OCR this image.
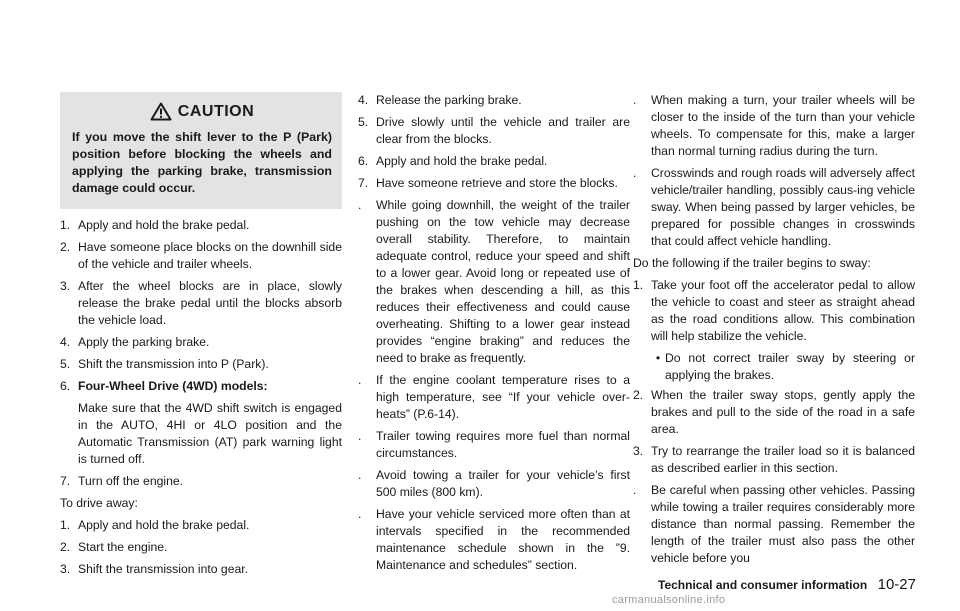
CAUTION
If you move the shift lever to the P (Park) position before blocking the wheels and applying the parking brake, transmission damage could occur.
1. Apply and hold the brake pedal.
2. Have someone place blocks on the downhill side of the vehicle and trailer wheels.
3. After the wheel blocks are in place, slowly release the brake pedal until the blocks absorb the vehicle load.
4. Apply the parking brake.
5. Shift the transmission into P (Park).
6. Four-Wheel Drive (4WD) models:
Make sure that the 4WD shift switch is engaged in the AUTO, 4HI or 4LO position and the Automatic Transmission (AT) park warning light is turned off.
7. Turn off the engine.
To drive away:
1. Apply and hold the brake pedal.
2. Start the engine.
3. Shift the transmission into gear.
4. Release the parking brake.
5. Drive slowly until the vehicle and trailer are clear from the blocks.
6. Apply and hold the brake pedal.
7. Have someone retrieve and store the blocks.
.	While going downhill, the weight of the trailer pushing on the tow vehicle may decrease overall stability. Therefore, to maintain adequate control, reduce your speed and shift to a lower gear. Avoid long or repeated use of the brakes when descending a hill, as this reduces their effectiveness and could cause overheating. Shifting to a lower gear instead provides “engine braking” and reduces the need to brake as frequently.
.	If the engine coolant temperature rises to a high temperature, see “If your vehicle over-heats” (P.6-14).
.	Trailer towing requires more fuel than normal circumstances.
.	Avoid towing a trailer for your vehicle’s first 500 miles (800 km).
.	Have your vehicle serviced more often than at intervals specified in the recommended maintenance schedule shown in the ”9. Maintenance and schedules” section.
.	When making a turn, your trailer wheels will be closer to the inside of the turn than your vehicle wheels. To compensate for this, make a larger than normal turning radius during the turn.
.	Crosswinds and rough roads will adversely affect vehicle/trailer handling, possibly caus-ing vehicle sway. When being passed by larger vehicles, be prepared for possible changes in crosswinds that could affect vehicle handling.
Do the following if the trailer begins to sway:
1. Take your foot off the accelerator pedal to allow the vehicle to coast and steer as straight ahead as the road conditions allow. This combination will help stabilize the vehicle.
• Do not correct trailer sway by steering or applying the brakes.
2. When the trailer sway stops, gently apply the brakes and pull to the side of the road in a safe area.
3. Try to rearrange the trailer load so it is balanced as described earlier in this section.
.	Be careful when passing other vehicles. Passing while towing a trailer requires considerably more distance than normal passing. Remember the length of the trailer must also pass the other vehicle before you
Technical and consumer information 10-27
carmanualsonline.info
